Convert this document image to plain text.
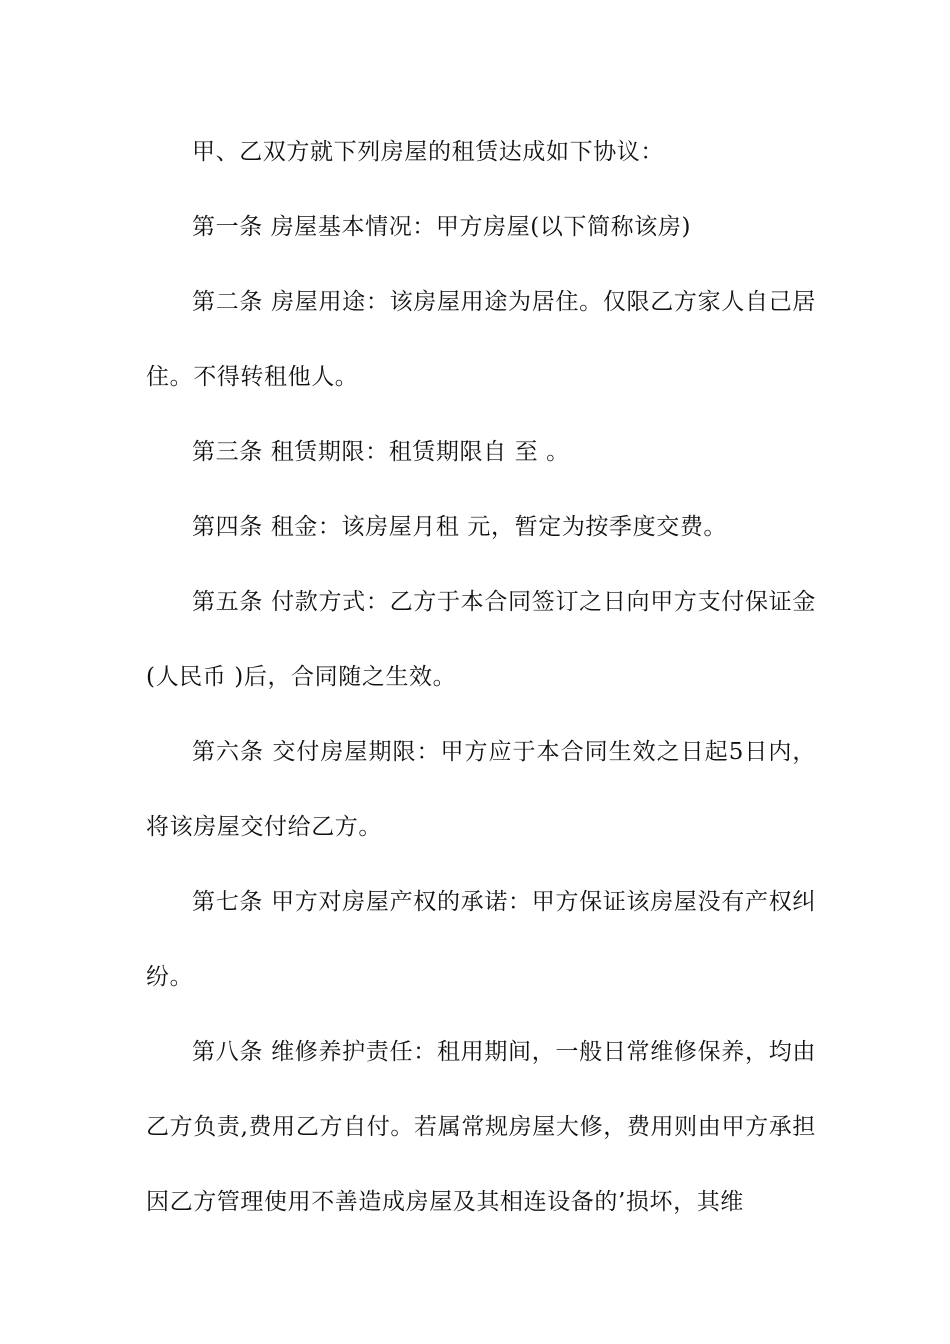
甲、乙双方就下列房屋的租赁达成如下协议：

第一条 房屋基本情况：甲方房屋(以下简称该房)

第二条 房屋用途：该房屋用途为居住。仅限乙方家人自己居住。不得转租他人。

第三条 租赁期限：租赁期限自 至 。

第四条 租金：该房屋月租 元，暂定为按季度交费。

第五条 付款方式：乙方于本合同签订之日向甲方支付保证金(人民币 )后，合同随之生效。

第六条 交付房屋期限：甲方应于本合同生效之日起5日内，将该房屋交付给乙方。

第七条 甲方对房屋产权的承诺：甲方保证该房屋没有产权纠纷。

第八条 维修养护责任：租用期间，一般日常维修保养，均由乙方负责,费用乙方自付。若属常规房屋大修，费用则由甲方承担因乙方管理使用不善造成房屋及其相连设备的’损坏，其维
